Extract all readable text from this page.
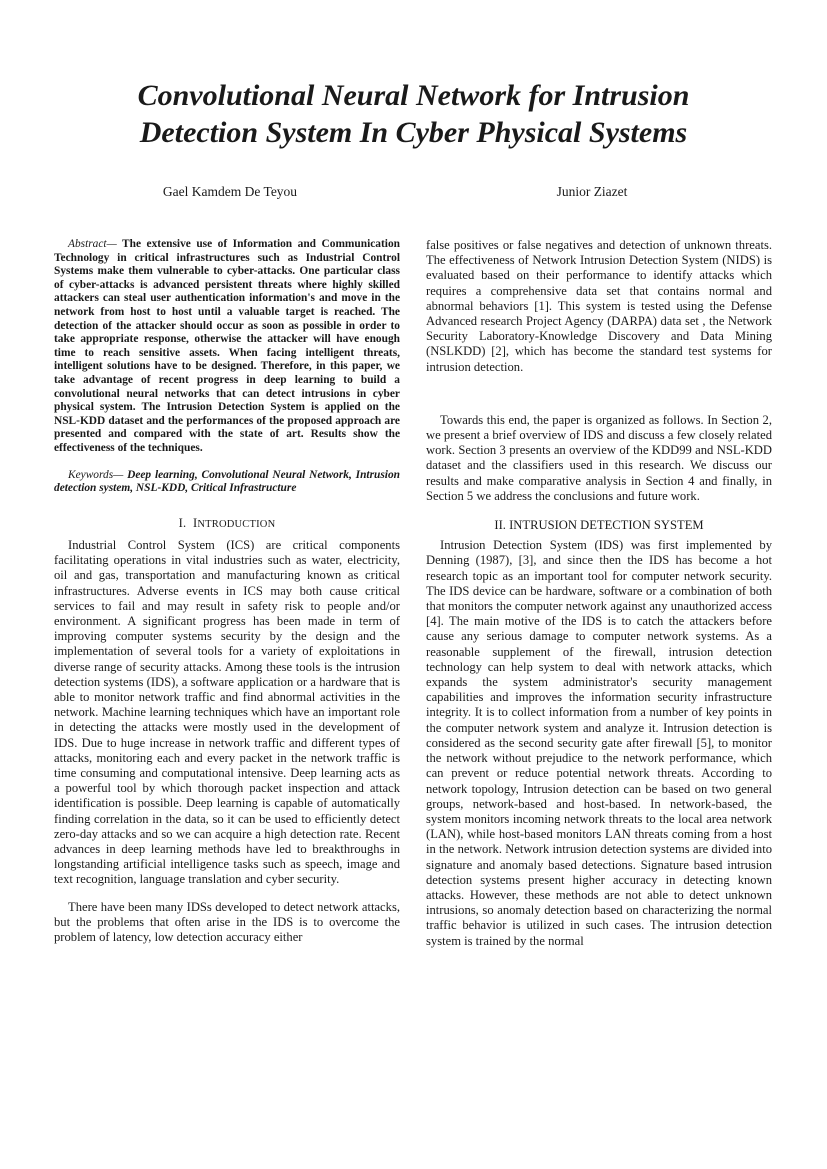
Convolutional Neural Network for Intrusion
Detection System In Cyber Physical Systems
Gael Kamdem De Teyou	Junior Ziazet

Abstract— The extensive use of Information and Communication Technology in critical infrastructures such as Industrial Control Systems make them vulnerable to cyber-attacks. One particular class of cyber-attacks is advanced persistent threats where highly skilled attackers can steal user authentication information's and move in the network from host to host until a valuable target is reached. The detection of the attacker should occur as soon as possible in order to take appropriate response, otherwise the attacker will have enough time to reach sensitive assets. When facing intelligent threats, intelligent solutions have to be designed. Therefore, in this paper, we take advantage of recent progress in deep learning to build a convolutional neural networks that can detect intrusions in cyber physical system. The Intrusion Detection System is applied on the NSL-KDD dataset and the performances of the proposed approach are presented and compared with the state of art. Results show the effectiveness of the techniques.

Keywords— Deep learning, Convolutional Neural Network, Intrusion detection system, NSL-KDD, Critical Infrastructure

I. INTRODUCTION

Industrial Control System (ICS) are critical components facilitating operations in vital industries such as water, electricity, oil and gas, transportation and manufacturing known as critical infrastructures. Adverse events in ICS may both cause critical services to fail and may result in safety risk to people and/or environment. A significant progress has been made in term of improving computer systems security by the design and the implementation of several tools for a variety of exploitations in diverse range of security attacks. Among these tools is the intrusion detection systems (IDS), a software application or a hardware that is able to monitor network traffic and find abnormal activities in the network. Machine learning techniques which have an important role in detecting the attacks were mostly used in the development of IDS. Due to huge increase in network traffic and different types of attacks, monitoring each and every packet in the network traffic is time consuming and computational intensive. Deep learning acts as a powerful tool by which thorough packet inspection and attack identification is possible. Deep learning is capable of automatically finding correlation in the data, so it can be used to efficiently detect zero-day attacks and so we can acquire a high detection rate. Recent advances in deep learning methods have led to breakthroughs in longstanding artificial intelligence tasks such as speech, image and text recognition, language translation and cyber security.

There have been many IDSs developed to detect network attacks, but the problems that often arise in the IDS is to overcome the problem of latency, low detection accuracy either

false positives or false negatives and detection of unknown threats. The effectiveness of Network Intrusion Detection System (NIDS) is evaluated based on their performance to identify attacks which requires a comprehensive data set that contains normal and abnormal behaviors [1]. This system is tested using the Defense Advanced research Project Agency (DARPA) data set , the Network Security Laboratory-Knowledge Discovery and Data Mining (NSLKDD) [2], which has become the standard test systems for intrusion detection.

Towards this end, the paper is organized as follows. In Section 2, we present a brief overview of IDS and discuss a few closely related work. Section 3 presents an overview of the KDD99 and NSL-KDD dataset and the classifiers used in this research. We discuss our results and make comparative analysis in Section 4 and finally, in Section 5 we address the conclusions and future work.

II. INTRUSION DETECTION SYSTEM

Intrusion Detection System (IDS) was first implemented by Denning (1987), [3], and since then the IDS has become a hot research topic as an important tool for computer network security. The IDS device can be hardware, software or a combination of both that monitors the computer network against any unauthorized access [4]. The main motive of the IDS is to catch the attackers before cause any serious damage to computer network systems. As a reasonable supplement of the firewall, intrusion detection technology can help system to deal with network attacks, which expands the system administrator's security management capabilities and improves the information security infrastructure integrity. It is to collect information from a number of key points in the computer network system and analyze it. Intrusion detection is considered as the second security gate after firewall [5], to monitor the network without prejudice to the network performance, which can prevent or reduce potential network threats. According to network topology, Intrusion detection can be based on two general groups, network-based and host-based. In network-based, the system monitors incoming network threats to the local area network (LAN), while host-based monitors LAN threats coming from a host in the network. Network intrusion detection systems are divided into signature and anomaly based detections. Signature based intrusion detection systems present higher accuracy in detecting known attacks. However, these methods are not able to detect unknown intrusions, so anomaly detection based on characterizing the normal traffic behavior is utilized in such cases. The intrusion detection system is trained by the normal
